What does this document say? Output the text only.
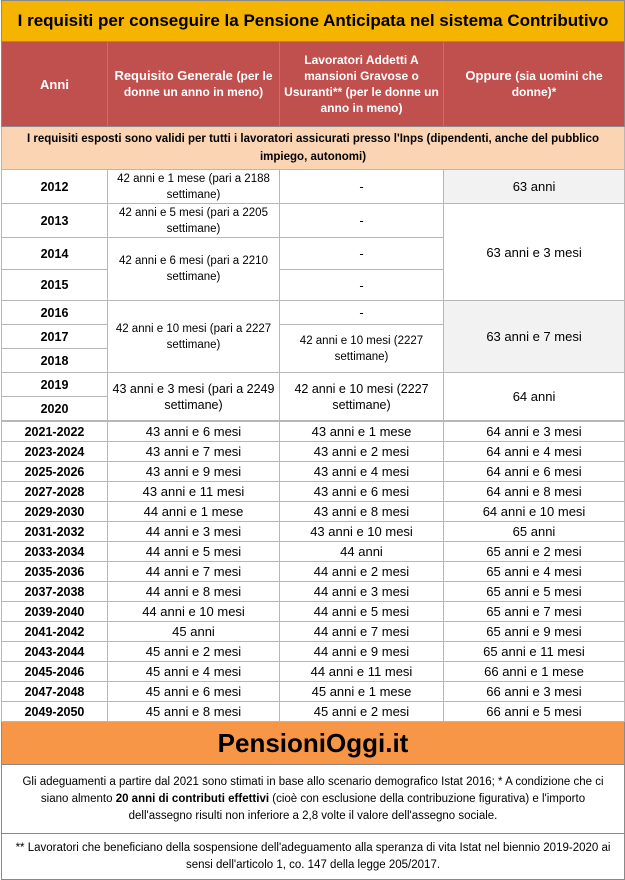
I requisiti per conseguire la Pensione Anticipata nel sistema Contributivo			
Anni	Requisito Generale (per le donne un anno in meno)	Lavoratori Addetti A mansioni Gravose o Usuranti** (per le donne un anno in meno)	Oppure (sia uomini che donne)*
I requisiti esposti sono validi per tutti i lavoratori assicurati presso l'Inps (dipendenti, anche del pubblico impiego, autonomi)			
2012	42 anni e 1 mese (pari a 2188 settimane)	-	63 anni
2013	42 anni e 5 mesi (pari a 2205 settimane)	-	63 anni e 3 mesi
2014	42 anni e 6 mesi (pari a 2210 settimane)	-	
2015		-	
2016	42 anni e 10 mesi (pari a 2227 settimane)	-	63 anni e 7 mesi
2017		42 anni e 10 mesi (2227 settimane)	
2018			
2019	43 anni e 3 mesi (pari a 2249 settimane)	42 anni e 10 mesi (2227 settimane)	64 anni
2020			
2021-2022	43 anni e 6 mesi	43 anni e 1 mese	64 anni e 3 mesi
2023-2024	43 anni e 7 mesi	43 anni e 2 mesi	64 anni e 4 mesi
2025-2026	43 anni e 9 mesi	43 anni e 4 mesi	64 anni e 6 mesi
2027-2028	43 anni e 11 mesi	43 anni e 6 mesi	64 anni e 8 mesi
2029-2030	44 anni e 1 mese	43 anni e 8 mesi	64 anni e 10 mesi
2031-2032	44 anni e 3 mesi	43 anni e 10 mesi	65 anni
2033-2034	44 anni e 5 mesi	44 anni	65 anni e 2 mesi
2035-2036	44 anni e 7 mesi	44 anni e 2 mesi	65 anni e 4 mesi
2037-2038	44 anni e 8 mesi	44 anni e 3 mesi	65 anni e 5 mesi
2039-2040	44 anni e 10 mesi	44 anni e 5 mesi	65 anni e 7 mesi
2041-2042	45 anni	44 anni e 7 mesi	65 anni e 9 mesi
2043-2044	45 anni e 2 mesi	44 anni e 9 mesi	65 anni e 11 mesi
2045-2046	45 anni e 4 mesi	44 anni e 11 mesi	66 anni e 1 mese
2047-2048	45 anni e 6 mesi	45 anni e 1 mese	66 anni e 3 mesi
2049-2050	45 anni e 8 mesi	45 anni e 2 mesi	66 anni e 5 mesi
PensioniOggi.it			
Gli adeguamenti a partire dal 2021 sono stimati in base allo scenario demografico Istat 2016; * A condizione che ci siano almento 20 anni di contributi effettivi (cioè con esclusione della contribuzione figurativa) e l'importo dell'assegno risulti non inferiore a 2,8 volte il valore dell'assegno sociale.			
** Lavoratori che beneficiano della sospensione dell'adeguamento alla speranza di vita Istat nel biennio 2019-2020 ai sensi dell'articolo 1, co. 147 della legge 205/2017.			
